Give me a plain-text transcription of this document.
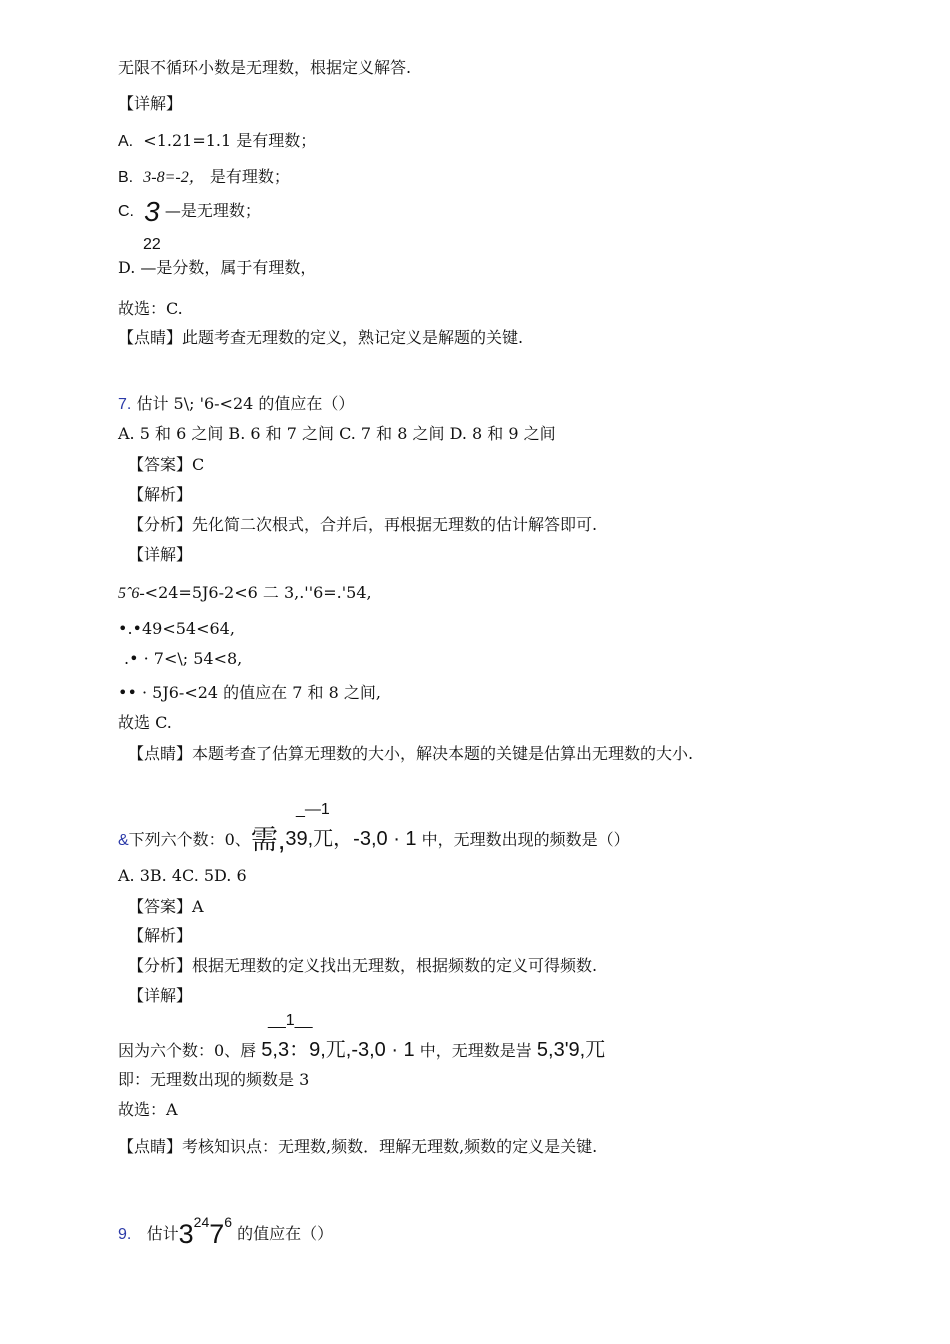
无限不循环小数是无理数，根据定义解答.
【详解】
A. <1.21=1.1 是有理数；
B. 3-8=-2， 是有理数；
C. 3 —是无理数；
22
D. —是分数，属于有理数，
故选：C.
【点睛】此题考查无理数的定义，熟记定义是解题的关键.
7. 估计 5\; '6-<24 的值应在（）
A. 5 和 6 之间 B. 6 和 7 之间 C. 7 和 8 之间 D. 8 和 9 之间
【答案】C
【解析】
【分析】先化简二次根式，合并后，再根据无理数的估计解答即可.
【详解】
5ˆ6-<24=5J6-2<6 二 3,.''6=.'54,
•.•49<54<64,
.• · 7<\; 54<8,
•• · 5J6-<24 的值应在 7 和 8 之间,
故选 C.
【点睛】本题考查了估算无理数的大小，解决本题的关键是估算出无理数的大小.
_—1
&下列六个数：0、需,39,兀，-3,0 · 1 中，无理数出现的频数是（）
A. 3B. 4C. 5D. 6
【答案】A
【解析】
【分析】根据无理数的定义找出无理数，根据频数的定义可得频数.
【详解】
__1__
因为六个数：0、唇 5,3：9,兀,-3,0 · 1 中，无理数是訔 5,3'9,兀
即：无理数出现的频数是 3
故选：A
【点睛】考核知识点：无理数,频数．理解无理数,频数的定义是关键.
9. 估计32476 的值应在（）
